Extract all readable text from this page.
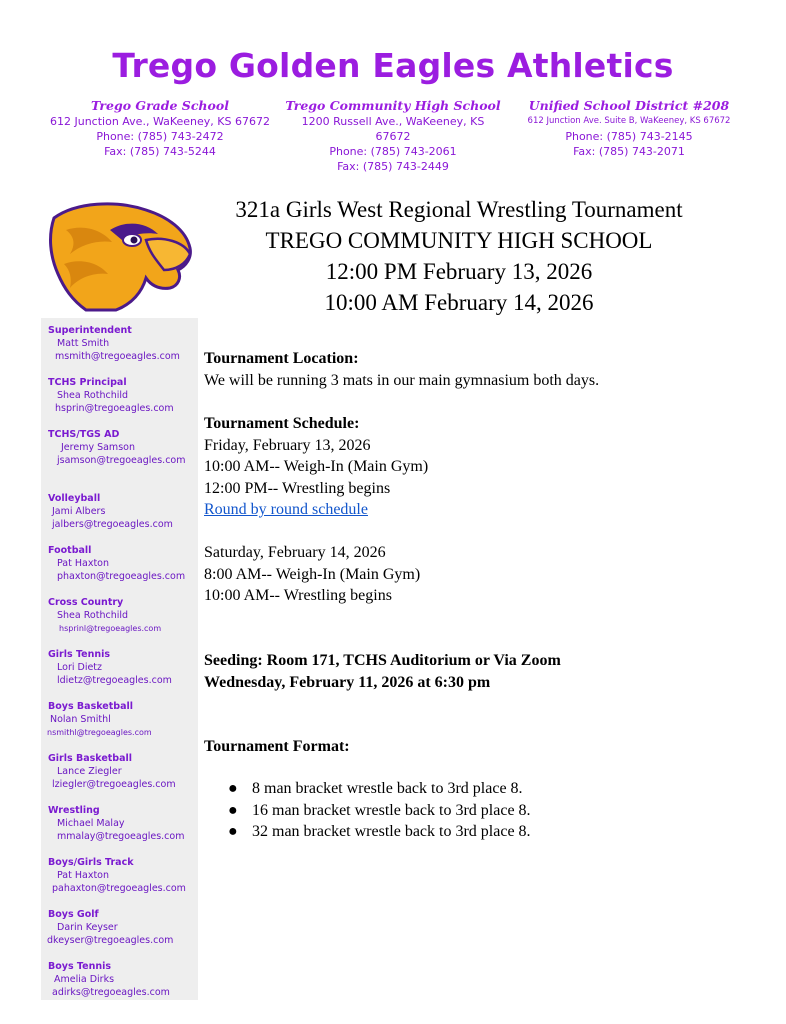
Trego Golden Eagles Athletics
Trego Grade School
612 Junction Ave., WaKeeney, KS 67672
Phone: (785) 743-2472
Fax: (785) 743-5244
Trego Community High School
1200 Russell Ave., WaKeeney, KS 67672
Phone: (785) 743-2061
Fax: (785) 743-2449
Unified School District #208
612 Junction Ave. Suite B, WaKeeney, KS 67672
Phone: (785) 743-2145
Fax: (785) 743-2071
Superintendent
Matt Smith
msmith@tregoeagles.com
TCHS Principal
Shea Rothchild
hsprin@tregoeagles.com
TCHS/TGS AD
Jeremy Samson
jsamson@tregoeagles.com
Volleyball
Jami Albers
jalbers@tregoeagles.com
Football
Pat Haxton
phaxton@tregoeagles.com
Cross Country
Shea Rothchild
hsprinl@tregoeagles.com
Girls Tennis
Lori Dietz
ldietz@tregoeagles.com
Boys Basketball
Nolan Smithl
nsmithl@tregoeagles.com
Girls Basketball
Lance Ziegler
lziegler@tregoeagles.com
Wrestling
Michael Malay
mmalay@tregoeagles.com
Boys/Girls Track
Pat Haxton
pahaxton@tregoeagles.com
Boys Golf
Darin Keyser
dkeyser@tregoeagles.com
Boys Tennis
Amelia Dirks
adirks@tregoeagles.com
321a Girls West Regional Wrestling Tournament
TREGO COMMUNITY HIGH SCHOOL
12:00 PM February 13, 2026
10:00 AM February 14, 2026
Tournament Location:
We will be running 3 mats in our main gymnasium both days.
Tournament Schedule:
Friday, February 13, 2026
10:00 AM-- Weigh-In (Main Gym)
12:00 PM-- Wrestling begins
Round by round schedule
Saturday, February 14, 2026
8:00 AM-- Weigh-In (Main Gym)
10:00 AM-- Wrestling begins
Seeding: Room 171, TCHS Auditorium or Via Zoom
Wednesday, February 11, 2026 at 6:30 pm
Tournament Format:
● 8 man bracket wrestle back to 3rd place 8.
● 16 man bracket wrestle back to 3rd place 8.
● 32 man bracket wrestle back to 3rd place 8.
